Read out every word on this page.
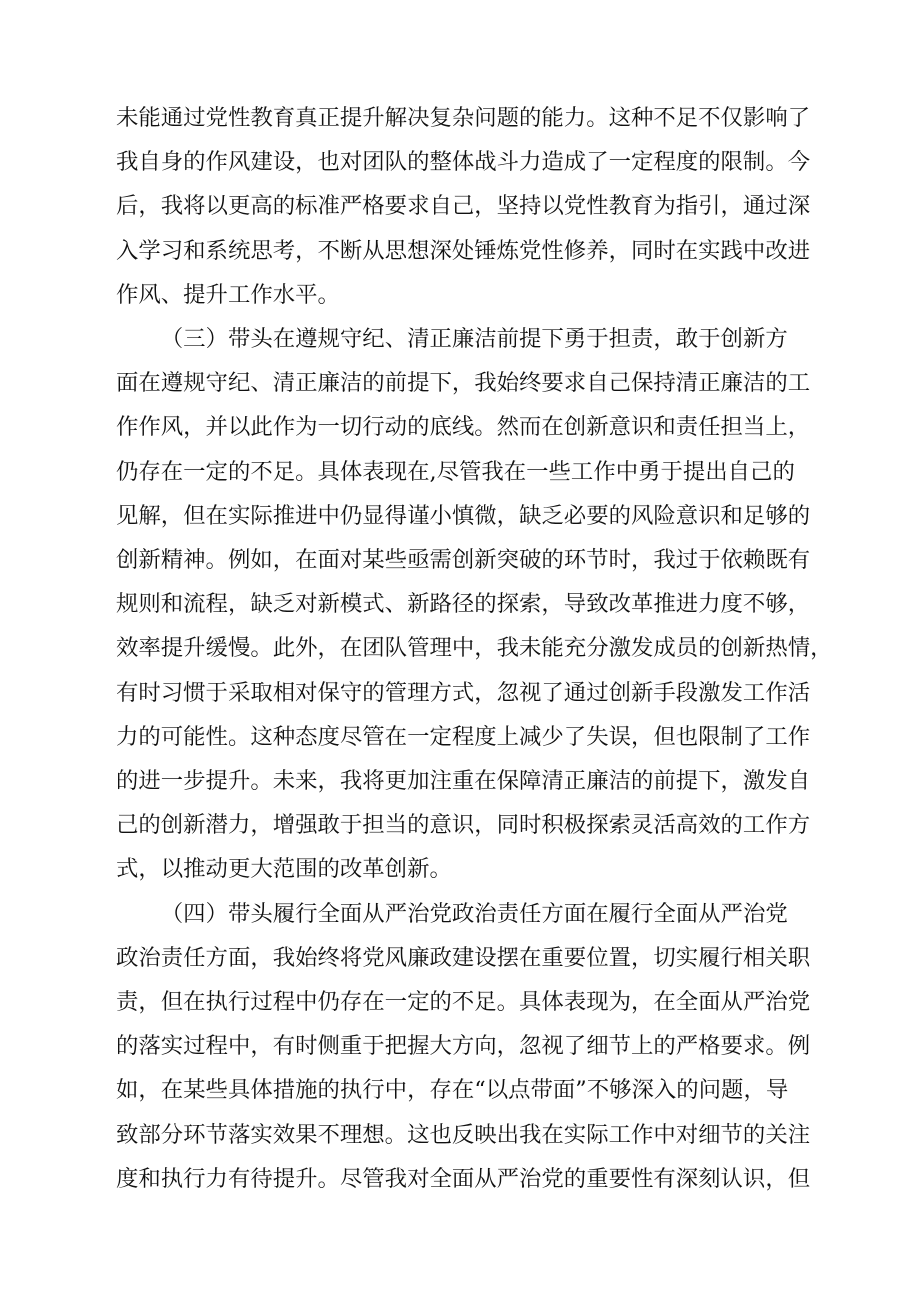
未能通过党性教育真正提升解决复杂问题的能力。这种不足不仅影响了
我自身的作风建设，也对团队的整体战斗力造成了一定程度的限制。今
后，我将以更高的标准严格要求自己，坚持以党性教育为指引，通过深
入学习和系统思考，不断从思想深处锤炼党性修养，同时在实践中改进
作风、提升工作水平。

（三）带头在遵规守纪、清正廉洁前提下勇于担责，敢于创新方
面在遵规守纪、清正廉洁的前提下，我始终要求自己保持清正廉洁的工
作作风，并以此作为一切行动的底线。然而在创新意识和责任担当上，
仍存在一定的不足。具体表现在,尽管我在一些工作中勇于提出自己的
见解，但在实际推进中仍显得谨小慎微，缺乏必要的风险意识和足够的
创新精神。例如，在面对某些亟需创新突破的环节时，我过于依赖既有
规则和流程，缺乏对新模式、新路径的探索，导致改革推进力度不够，
效率提升缓慢。此外，在团队管理中，我未能充分激发成员的创新热情，
有时习惯于采取相对保守的管理方式，忽视了通过创新手段激发工作活
力的可能性。这种态度尽管在一定程度上减少了失误，但也限制了工作
的进一步提升。未来，我将更加注重在保障清正廉洁的前提下，激发自
己的创新潜力，增强敢于担当的意识，同时积极探索灵活高效的工作方
式，以推动更大范围的改革创新。

（四）带头履行全面从严治党政治责任方面在履行全面从严治党
政治责任方面，我始终将党风廉政建设摆在重要位置，切实履行相关职
责，但在执行过程中仍存在一定的不足。具体表现为，在全面从严治党
的落实过程中，有时侧重于把握大方向，忽视了细节上的严格要求。例
如，在某些具体措施的执行中，存在“以点带面”不够深入的问题，导
致部分环节落实效果不理想。这也反映出我在实际工作中对细节的关注
度和执行力有待提升。尽管我对全面从严治党的重要性有深刻认识，但
